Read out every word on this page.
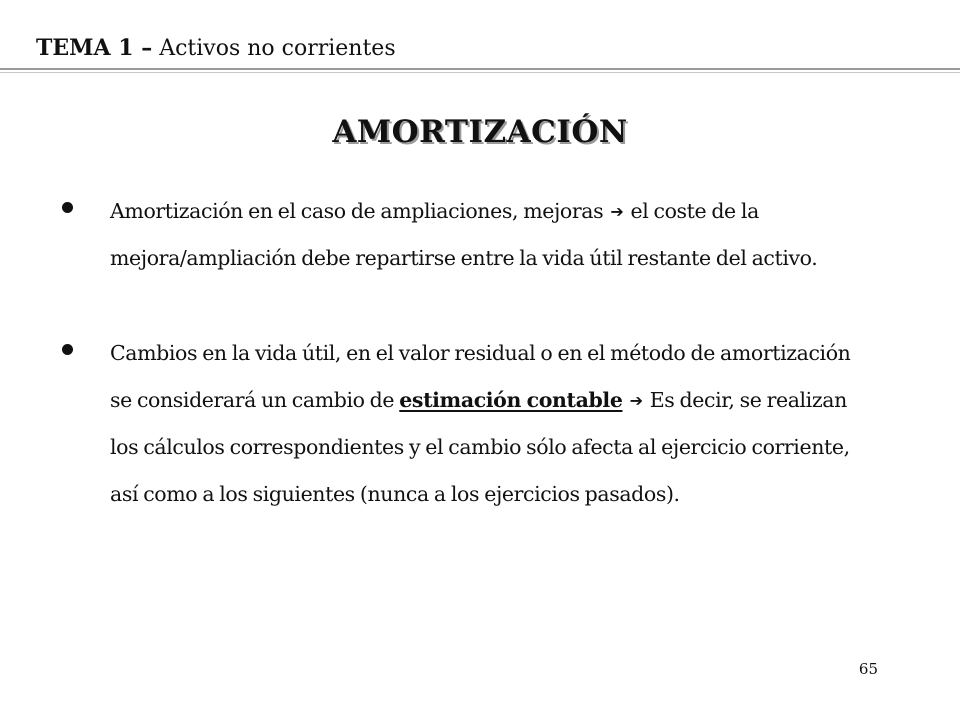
TEMA 1 – Activos no corrientes
AMORTIZACIÓN
Amortización en el caso de ampliaciones, mejoras ➔ el coste de la mejora/ampliación debe repartirse entre la vida útil restante del activo.
Cambios en la vida útil, en el valor residual o en el método de amortización se considerará un cambio de estimación contable ➔ Es decir, se realizan los cálculos correspondientes y el cambio sólo afecta al ejercicio corriente, así como a los siguientes (nunca a los ejercicios pasados).
65
